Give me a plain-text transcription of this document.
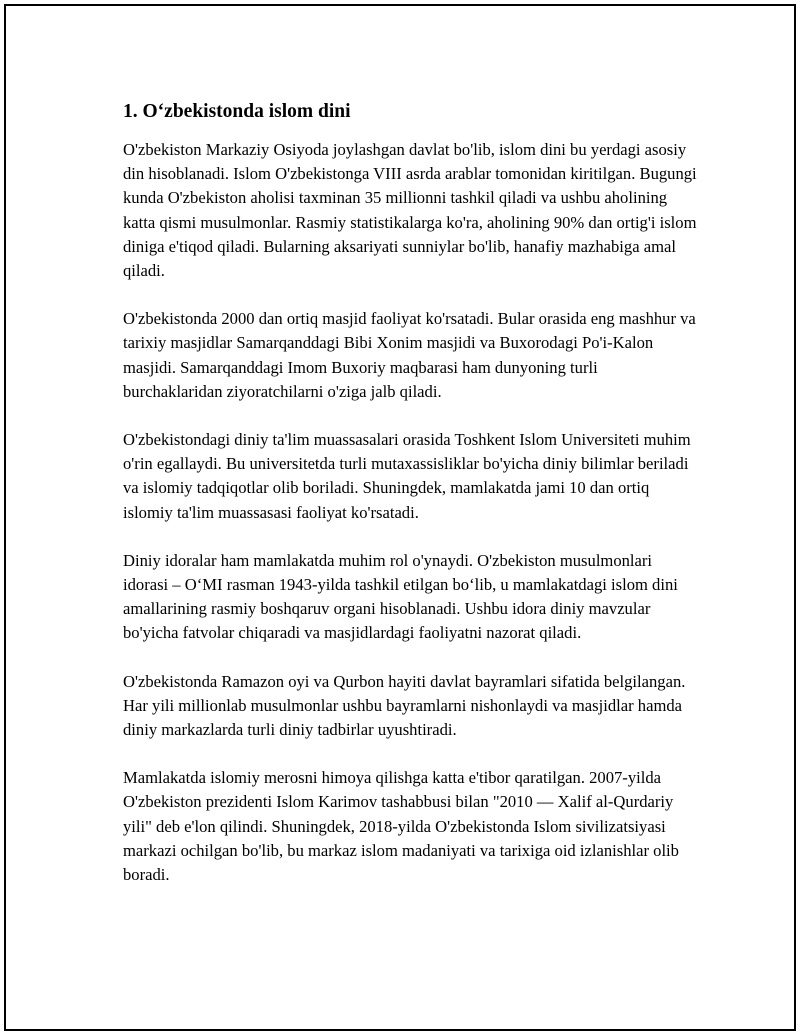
1. O‘zbekistonda islom dini

O'zbekiston Markaziy Osiyoda joylashgan davlat bo'lib, islom dini bu yerdagi asosiy din hisoblanadi. Islom O'zbekistonga VIII asrda arablar tomonidan kiritilgan. Bugungi kunda O'zbekiston aholisi taxminan 35 millionni tashkil qiladi va ushbu aholining katta qismi musulmonlar. Rasmiy statistikalarga ko'ra, aholining 90% dan ortig'i islom diniga e'tiqod qiladi. Bularning aksariyati sunniylar bo'lib, hanafiy mazhabiga amal qiladi.

O'zbekistonda 2000 dan ortiq masjid faoliyat ko'rsatadi. Bular orasida eng mashhur va tarixiy masjidlar Samarqanddagi Bibi Xonim masjidi va Buxorodagi Po'i-Kalon masjidi. Samarqanddagi Imom Buxoriy maqbarasi ham dunyoning turli burchaklaridan ziyoratchilarni o'ziga jalb qiladi.

O'zbekistondagi diniy ta'lim muassasalari orasida Toshkent Islom Universiteti muhim o'rin egallaydi. Bu universitetda turli mutaxassisliklar bo'yicha diniy bilimlar beriladi va islomiy tadqiqotlar olib boriladi. Shuningdek, mamlakatda jami 10 dan ortiq islomiy ta'lim muassasasi faoliyat ko'rsatadi.

Diniy idoralar ham mamlakatda muhim rol o'ynaydi. O'zbekiston musulmonlari idorasi – O‘MI rasman 1943-yilda tashkil etilgan bo‘lib, u mamlakatdagi islom dini amallarining rasmiy boshqaruv organi hisoblanadi. Ushbu idora diniy mavzular bo'yicha fatvolar chiqaradi va masjidlardagi faoliyatni nazorat qiladi.

O'zbekistonda Ramazon oyi va Qurbon hayiti davlat bayramlari sifatida belgilangan. Har yili millionlab musulmonlar ushbu bayramlarni nishonlaydi va masjidlar hamda diniy markazlarda turli diniy tadbirlar uyushtiradi.

Mamlakatda islomiy merosni himoya qilishga katta e'tibor qaratilgan. 2007-yilda O'zbekiston prezidenti Islom Karimov tashabbusi bilan "2010 — Xalif al-Qurdariy yili" deb e'lon qilindi. Shuningdek, 2018-yilda O'zbekistonda Islom sivilizatsiyasi markazi ochilgan bo'lib, bu markaz islom madaniyati va tarixiga oid izlanishlar olib boradi.
